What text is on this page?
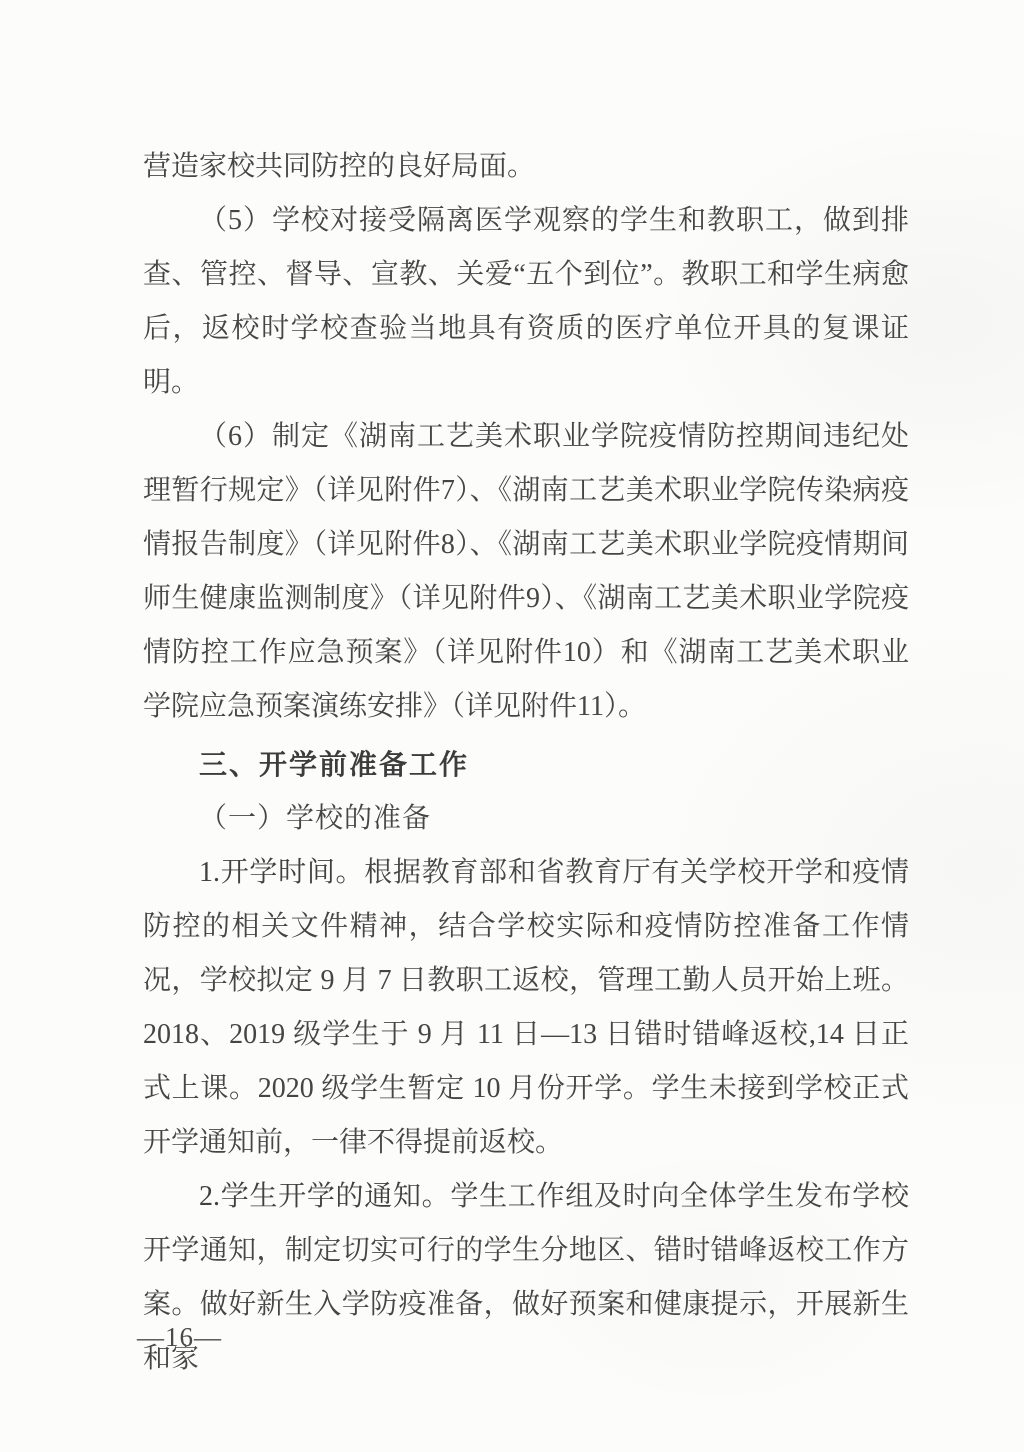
营造家校共同防控的良好局面。

（5）学校对接受隔离医学观察的学生和教职工，做到排查、管控、督导、宣教、关爱“五个到位”。教职工和学生病愈后，返校时学校查验当地具有资质的医疗单位开具的复课证明。

（6）制定《湖南工艺美术职业学院疫情防控期间违纪处理暂行规定》（详见附件7）、《湖南工艺美术职业学院传染病疫情报告制度》（详见附件8）、《湖南工艺美术职业学院疫情期间师生健康监测制度》（详见附件9）、《湖南工艺美术职业学院疫情防控工作应急预案》（详见附件10）和《湖南工艺美术职业学院应急预案演练安排》（详见附件11）。

三、开学前准备工作
（一）学校的准备

1.开学时间。根据教育部和省教育厅有关学校开学和疫情防控的相关文件精神，结合学校实际和疫情防控准备工作情况，学校拟定 9 月 7 日教职工返校，管理工勤人员开始上班。2018、2019 级学生于 9 月 11 日—13 日错时错峰返校,14 日正式上课。2020 级学生暂定 10 月份开学。学生未接到学校正式开学通知前，一律不得提前返校。

2.学生开学的通知。学生工作组及时向全体学生发布学校开学通知，制定切实可行的学生分地区、错时错峰返校工作方案。做好新生入学防疫准备，做好预案和健康提示，开展新生和家

—16—
